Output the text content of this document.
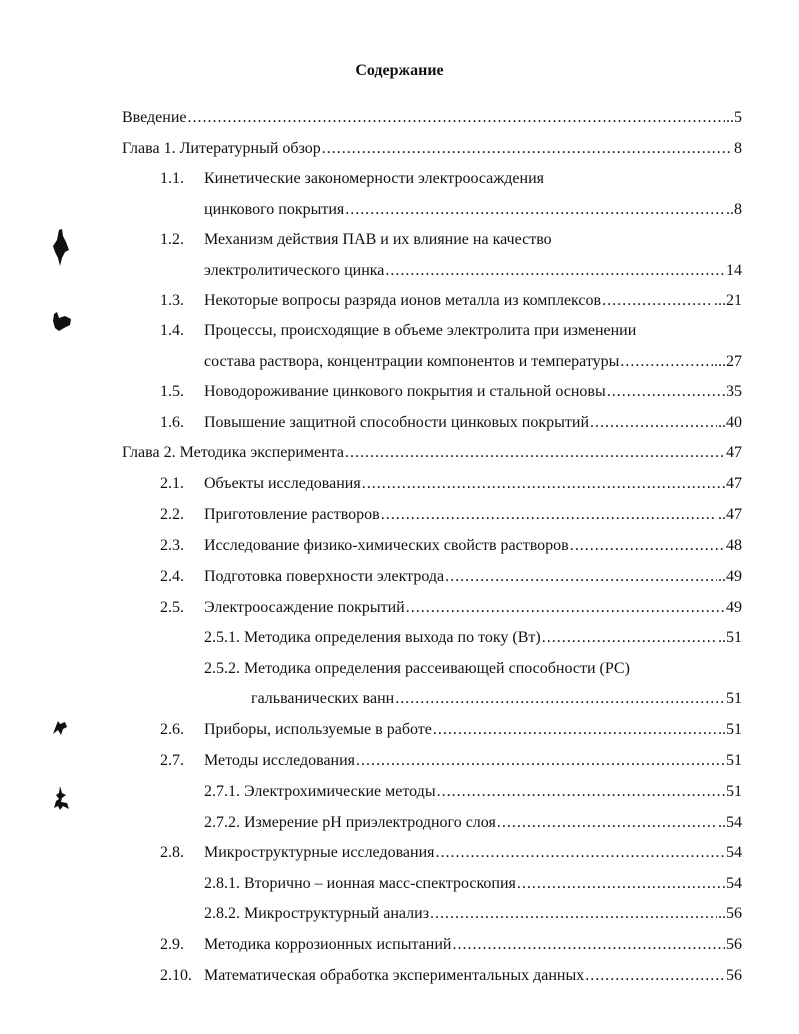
Содержание
Введение .....	..5
Глава 1. Литературный обзор .....	8
1.1. Кинетические закономерности электроосаждения
цинкового покрытия .....	..8
1.2. Механизм действия ПАВ и их влияние на качество
электролитического цинка .....	14
1.3. Некоторые вопросы разряда ионов металла из комплексов .....	...21
1.4. Процессы, происходящие в объеме электролита при изменении
состава раствора, концентрации компонентов и температуры .....	...27
1.5. Новодороживание цинкового покрытия и стальной основы .....	35
1.6. Повышение защитной способности цинковых покрытий .....	..40
Глава 2. Методика эксперимента .....	47
2.1. Объекты исследования .....	47
2.2. Приготовление растворов .....	..47
2.3. Исследование физико-химических свойств растворов .....	48
2.4. Подготовка поверхности электрода .....	..49
2.5. Электроосаждение покрытий .....	49
2.5.1. Методика определения выхода по току (Вт) .....	..51
2.5.2. Методика определения рассеивающей способности (РС)
гальванических ванн .....	51
2.6. Приборы, используемые в работе .....	..51
2.7. Методы исследования .....	51
2.7.1. Электрохимические методы .....	51
2.7.2. Измерение рН приэлектродного слоя .....	..54
2.8. Микроструктурные исследования .....	54
2.8.1. Вторично – ионная масс-спектроскопия .....	54
2.8.2. Микроструктурный анализ .....	..56
2.9. Методика коррозионных испытаний .....	56
2.10. Математическая обработка экспериментальных данных .....	56
